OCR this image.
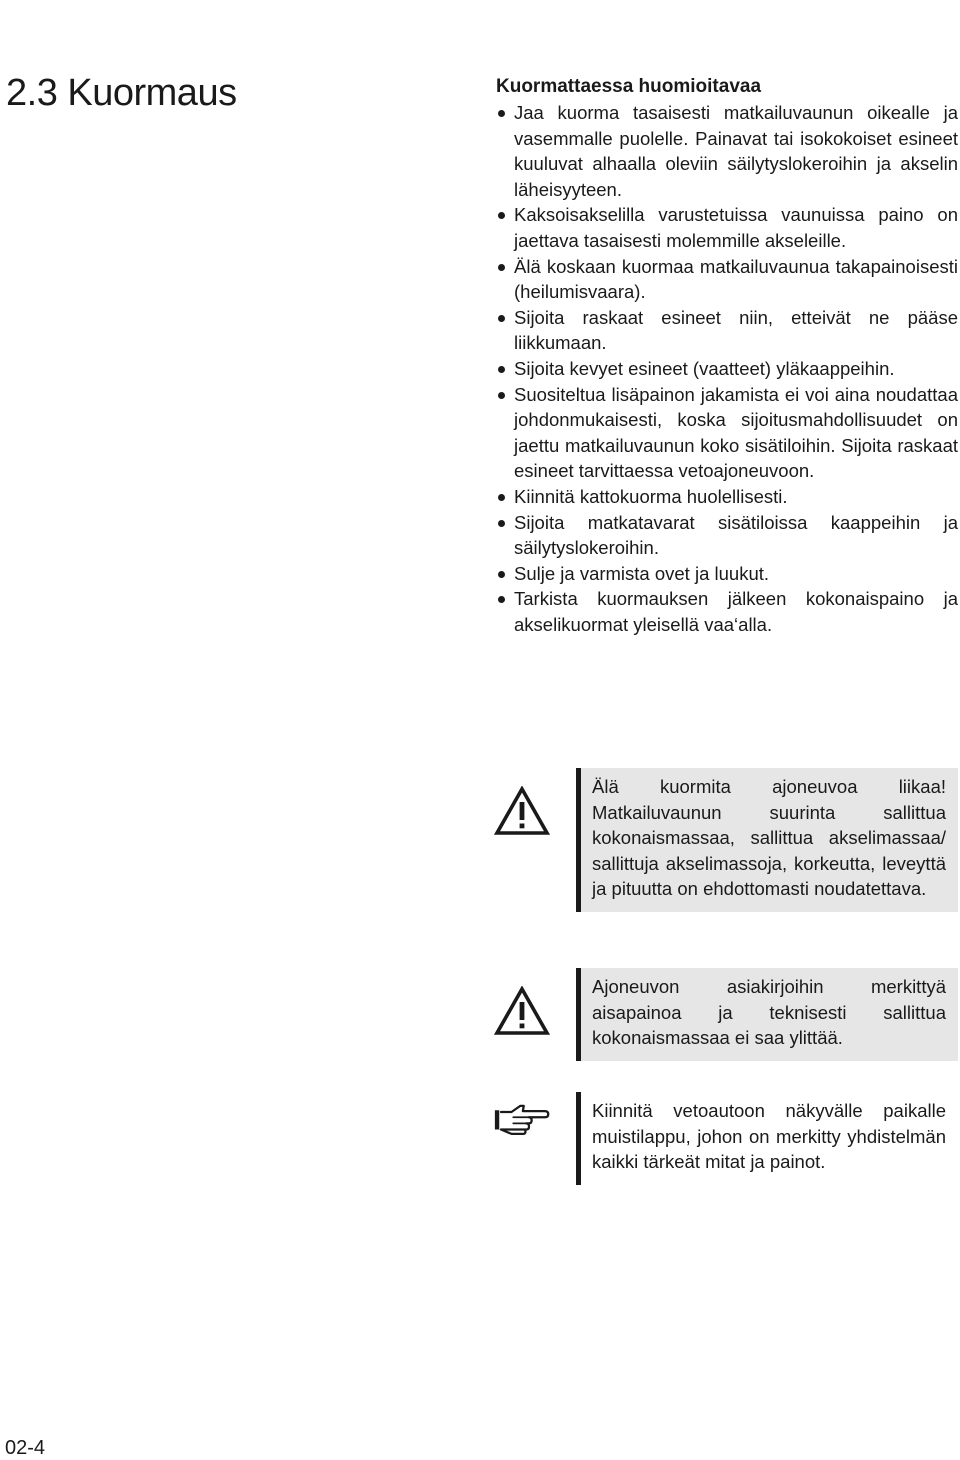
2.3 Kuormaus	Kuormattaessa huomioitavaa
Jaa kuorma tasaisesti matkailuvaunun oikealle ja vasemmalle puolelle. Painavat tai isokokoiset esineet kuuluvat alhaalla oleviin säilytyslokeroihin ja akselin läheisyyteen.
Kaksoisakselilla varustetuissa vaunuissa paino on jaettava tasaisesti molemmille akseleille.
Älä koskaan kuormaa matkailuvaunua takapainoisesti (heilumisvaara).
Sijoita raskaat esineet niin, etteivät ne pääse liikkumaan.
Sijoita kevyet esineet (vaatteet) yläkaappeihin.
Suositeltua lisäpainon jakamista ei voi aina noudattaa johdonmukaisesti, koska sijoitusmahdollisuudet on jaettu matkailuvaunun koko sisätiloihin. Sijoita raskaat esineet tarvittaessa vetoajoneuvoon.
Kiinnitä kattokuorma huolellisesti.
Sijoita matkatavarat sisätiloissa kaappeihin ja säilytyslokeroihin.
Sulje ja varmista ovet ja luukut.
Tarkista kuormauksen jälkeen kokonaispaino ja akselikuormat yleisellä vaa‘alla.
Älä kuormita ajoneuvoa liikaa! Matkailuvaunun suurinta sallittua kokonaismassaa, sallittua akselimassaa/ sallittuja akselimassoja, korkeutta, leveyttä ja pituutta on ehdottomasti noudatettava.
Ajoneuvon asiakirjoihin merkittyä aisapainoa ja teknisesti sallittua kokonaismassaa ei saa ylittää.
Kiinnitä vetoautoon näkyvälle paikalle muistilappu, johon on merkitty yhdistelmän kaikki tärkeät mitat ja painot.
02-4
